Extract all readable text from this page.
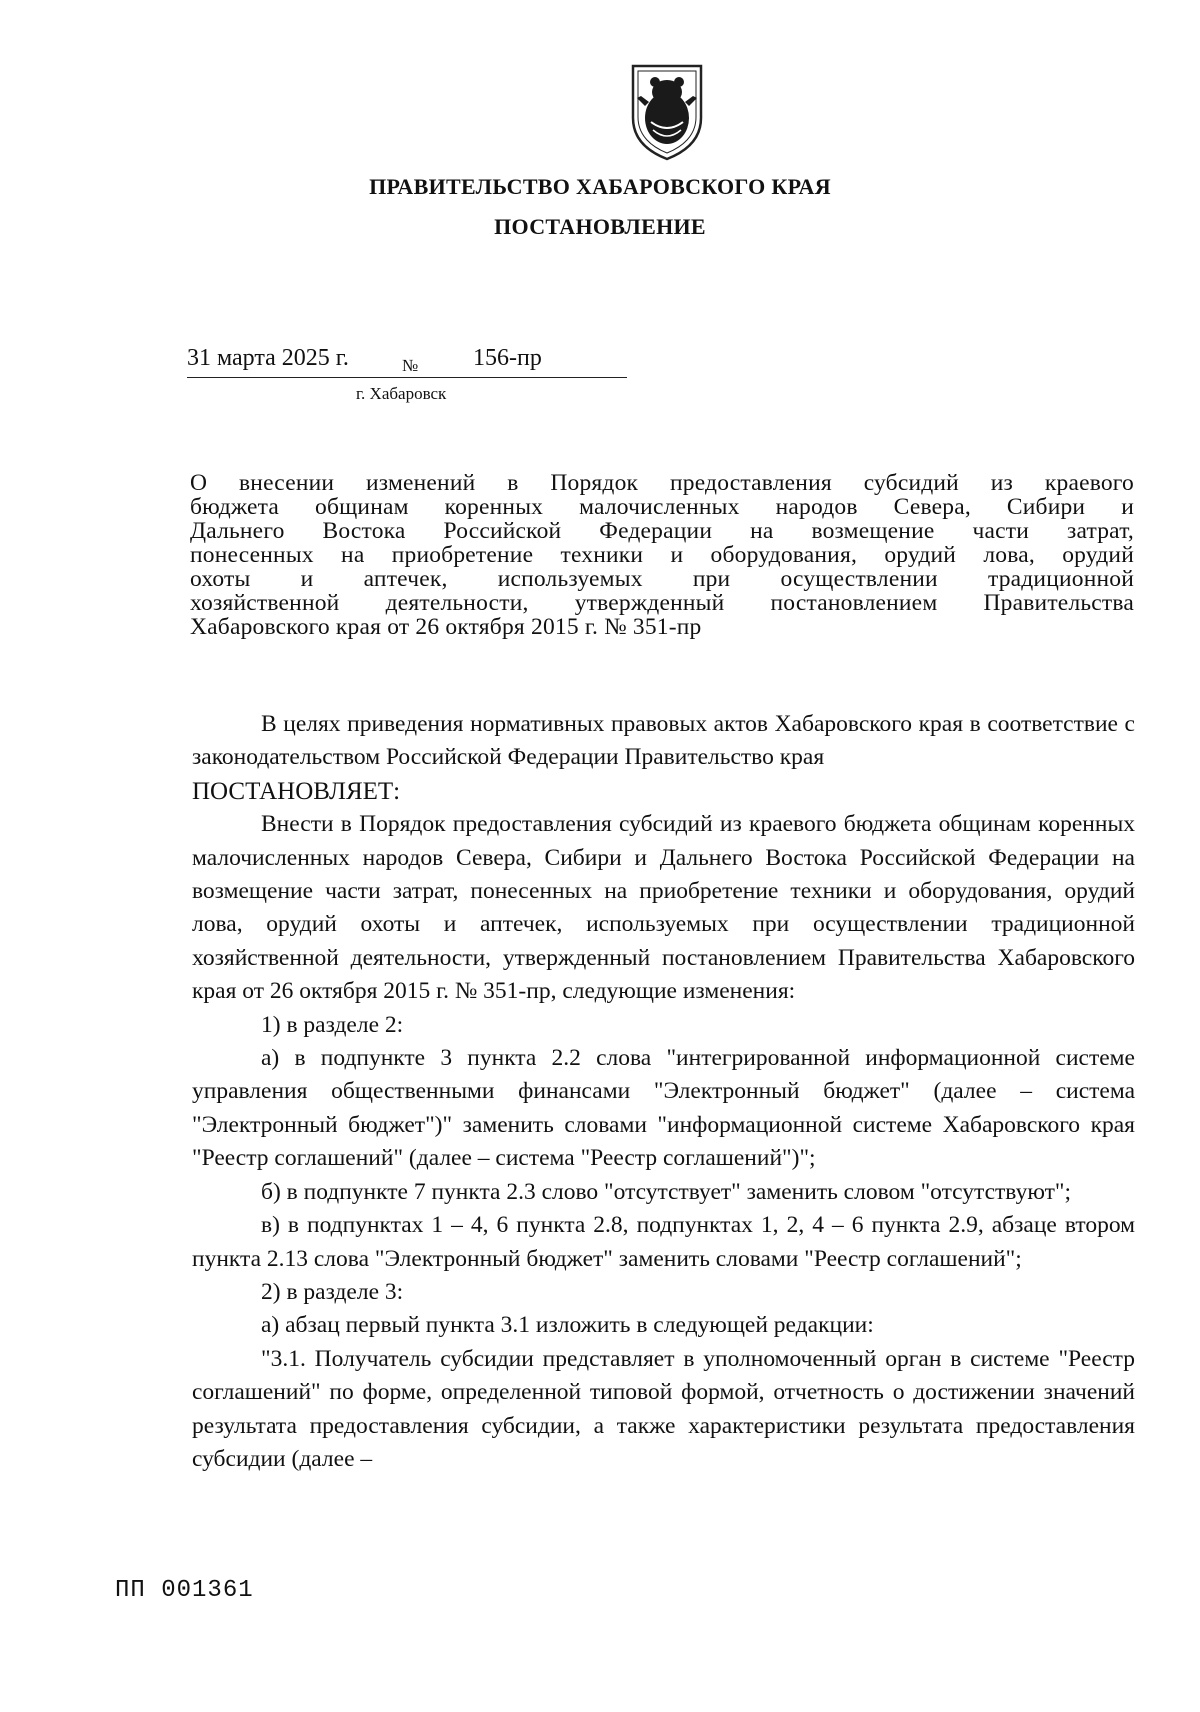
ПРАВИТЕЛЬСТВО ХАБАРОВСКОГО КРАЯ
ПОСТАНОВЛЕНИЕ
31 марта 2025 г.	№ 156-пр
г. Хабаровск

О внесении изменений в Порядок предоставления субсидий из краевого
бюджета общинам коренных малочисленных народов Севера, Сибири и
Дальнего Востока Российской Федерации на возмещение части затрат,
понесенных на приобретение техники и оборудования, орудий лова, орудий
охоты и аптечек, используемых при осуществлении традиционной
хозяйственной деятельности, утвержденный постановлением Правительства
Хабаровского края от 26 октября 2015 г. № 351-пр

В целях приведения нормативных правовых актов Хабаровского края в соответствие с законодательством Российской Федерации Правительство края

ПОСТАНОВЛЯЕТ:

Внести в Порядок предоставления субсидий из краевого бюджета общинам коренных малочисленных народов Севера, Сибири и Дальнего Востока Российской Федерации на возмещение части затрат, понесенных на приобретение техники и оборудования, орудий лова, орудий охоты и аптечек, используемых при осуществлении традиционной хозяйственной деятельности, утвержденный постановлением Правительства Хабаровского края от 26 октября 2015 г. № 351-пр, следующие изменения:

1) в разделе 2:

а) в подпункте 3 пункта 2.2 слова "интегрированной информационной системе управления общественными финансами "Электронный бюджет" (далее – система "Электронный бюджет")" заменить словами "информационной системе Хабаровского края "Реестр соглашений" (далее – система "Реестр соглашений")";

б) в подпункте 7 пункта 2.3 слово "отсутствует" заменить словом "отсутствуют";

в) в подпунктах 1 – 4, 6 пункта 2.8, подпунктах 1, 2, 4 – 6 пункта 2.9, абзаце втором пункта 2.13 слова "Электронный бюджет" заменить словами "Реестр соглашений";

2) в разделе 3:

а) абзац первый пункта 3.1 изложить в следующей редакции:

"3.1. Получатель субсидии представляет в уполномоченный орган в системе "Реестр соглашений" по форме, определенной типовой формой, отчетность о достижении значений результата предоставления субсидии, а также характеристики результата предоставления субсидии (далее –

ПП 001361
